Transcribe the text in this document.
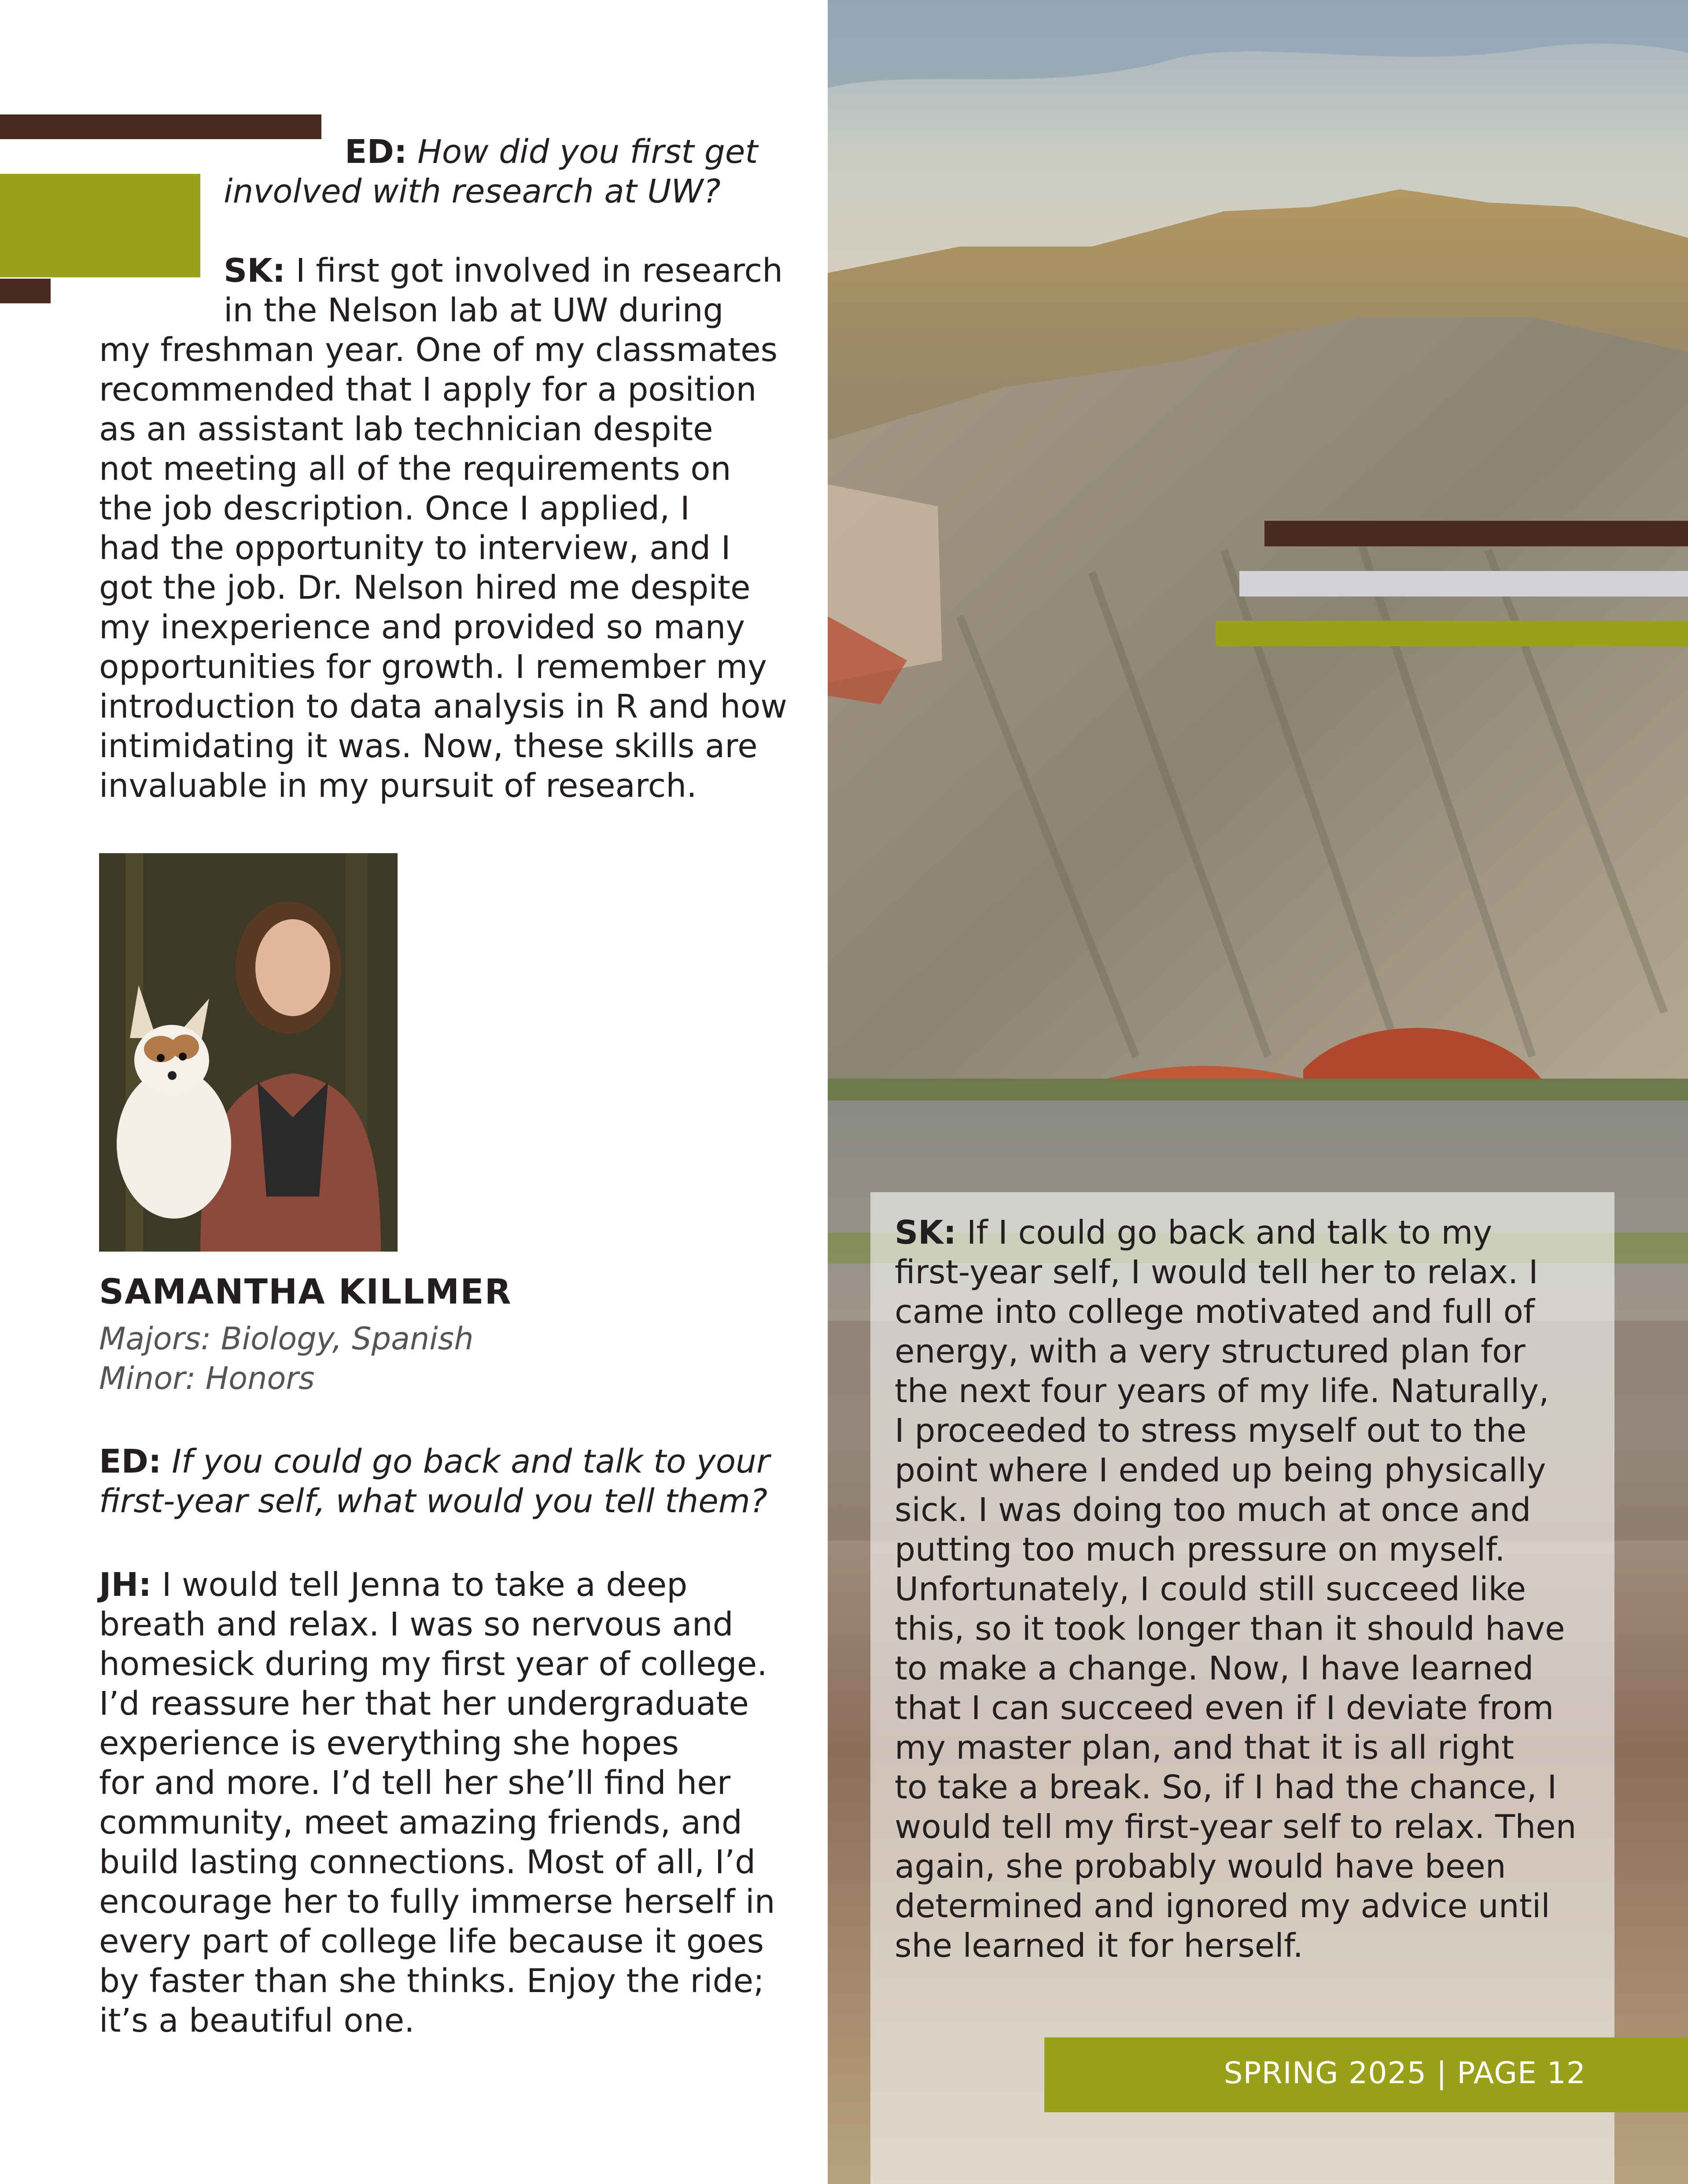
ED: How did you first get
involved with research at UW?
SK: I first got involved in research
in the Nelson lab at UW during
my freshman year. One of my classmates
recommended that I apply for a position
as an assistant lab technician despite
not meeting all of the requirements on
the job description. Once I applied, I
had the opportunity to interview, and I
got the job. Dr. Nelson hired me despite
my inexperience and provided so many
opportunities for growth. I remember my
introduction to data analysis in R and how
intimidating it was. Now, these skills are
invaluable in my pursuit of research.
SAMANTHA KILLMER
Majors: Biology, Spanish
Minor: Honors
ED: If you could go back and talk to your
first-year self, what would you tell them?
JH: I would tell Jenna to take a deep
breath and relax. I was so nervous and
homesick during my first year of college.
I’d reassure her that her undergraduate
experience is everything she hopes
for and more. I’d tell her she’ll find her
community, meet amazing friends, and
build lasting connections. Most of all, I’d
encourage her to fully immerse herself in
every part of college life because it goes
by faster than she thinks. Enjoy the ride;
it’s a beautiful one.
SK: If I could go back and talk to my
first-year self, I would tell her to relax. I
came into college motivated and full of
energy, with a very structured plan for
the next four years of my life. Naturally,
I proceeded to stress myself out to the
point where I ended up being physically
sick. I was doing too much at once and
putting too much pressure on myself.
Unfortunately, I could still succeed like
this, so it took longer than it should have
to make a change. Now, I have learned
that I can succeed even if I deviate from
my master plan, and that it is all right
to take a break. So, if I had the chance, I
would tell my first-year self to relax. Then
again, she probably would have been
determined and ignored my advice until
she learned it for herself.
SPRING 2025 | PAGE 12
